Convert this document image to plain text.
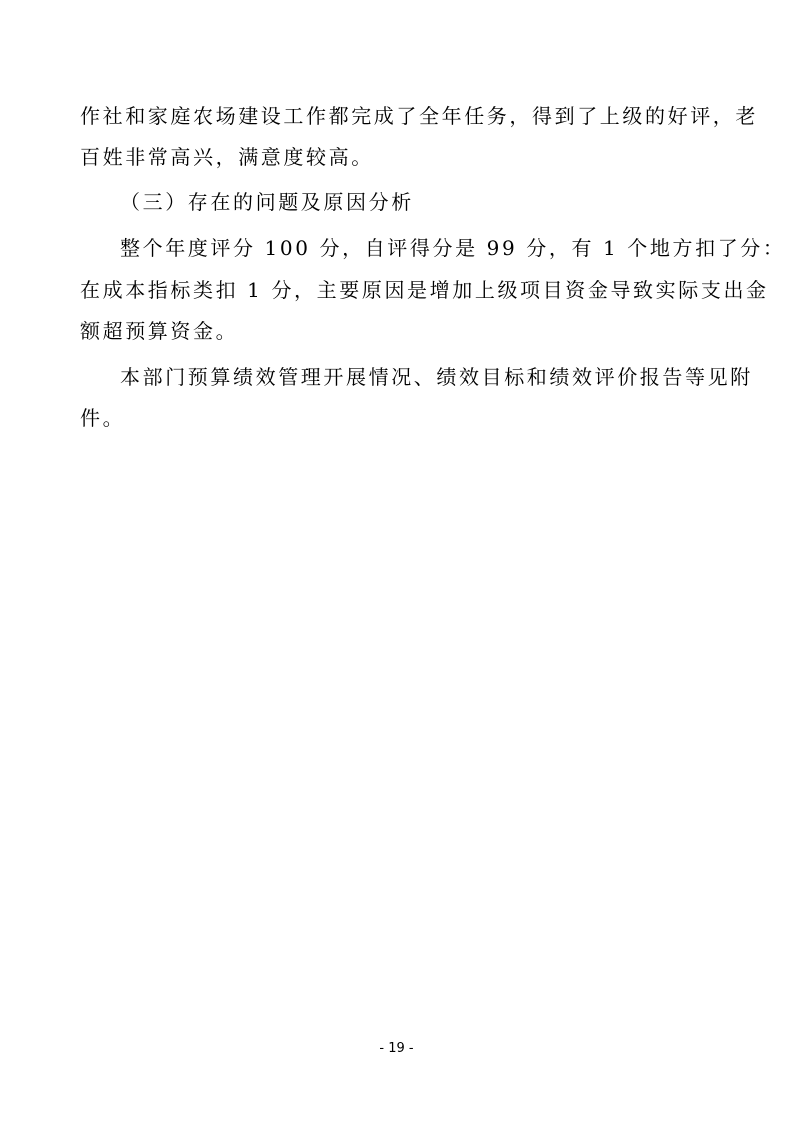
作社和家庭农场建设工作都完成了全年任务，得到了上级的好评，老
百姓非常高兴，满意度较高。
（三）存在的问题及原因分析
整个年度评分 100 分，自评得分是 99 分，有 1 个地方扣了分：
在成本指标类扣 1 分，主要原因是增加上级项目资金导致实际支出金
额超预算资金。
本部门预算绩效管理开展情况、绩效目标和绩效评价报告等见附
件。
- 19 -
